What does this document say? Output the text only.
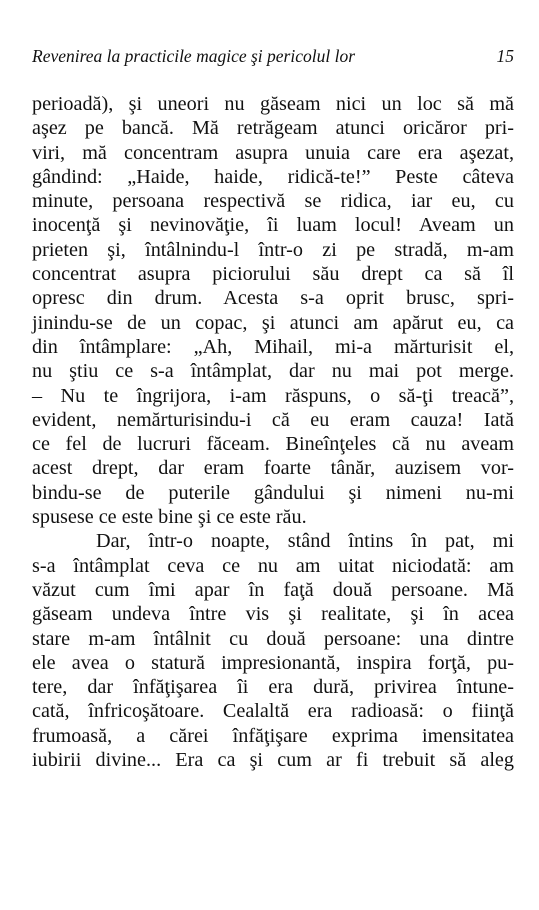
Revenirea la practicile magice şi pericolul lor	15
perioadă), şi uneori nu găseam nici un loc să mă
aşez pe bancă. Mă retrăgeam atunci oricăror pri-
viri, mă concentram asupra unuia care era aşezat,
gândind: „Haide, haide, ridică-te!” Peste câteva
minute, persoana respectivă se ridica, iar eu, cu
inocenţă şi nevinovăţie, îi luam locul! Aveam un
prieten şi, întâlnindu-l într-o zi pe stradă, m-am
concentrat asupra piciorului său drept ca să îl
opresc din drum. Acesta s-a oprit brusc, spri-
jinindu-se de un copac, şi atunci am apărut eu, ca
din întâmplare: „Ah, Mihail, mi-a mărturisit el,
nu ştiu ce s-a întâmplat, dar nu mai pot merge.
– Nu te îngrijora, i-am răspuns, o să-ţi treacă”,
evident, nemărturisindu-i că eu eram cauza! Iată
ce fel de lucruri făceam. Bineînţeles că nu aveam
acest drept, dar eram foarte tânăr, auzisem vor-
bindu-se de puterile gândului şi nimeni nu-mi
spusese ce este bine şi ce este rău.
Dar, într-o noapte, stând întins în pat, mi
s-a întâmplat ceva ce nu am uitat niciodată: am
văzut cum îmi apar în faţă două persoane. Mă
găseam undeva între vis şi realitate, şi în acea
stare m-am întâlnit cu două persoane: una dintre
ele avea o statură impresionantă, inspira forţă, pu-
tere, dar înfăţişarea îi era dură, privirea întune-
cată, înfricoşătoare. Cealaltă era radioasă: o fiinţă
frumoasă, a cărei înfăţişare exprima imensitatea
iubirii divine... Era ca şi cum ar fi trebuit să aleg
